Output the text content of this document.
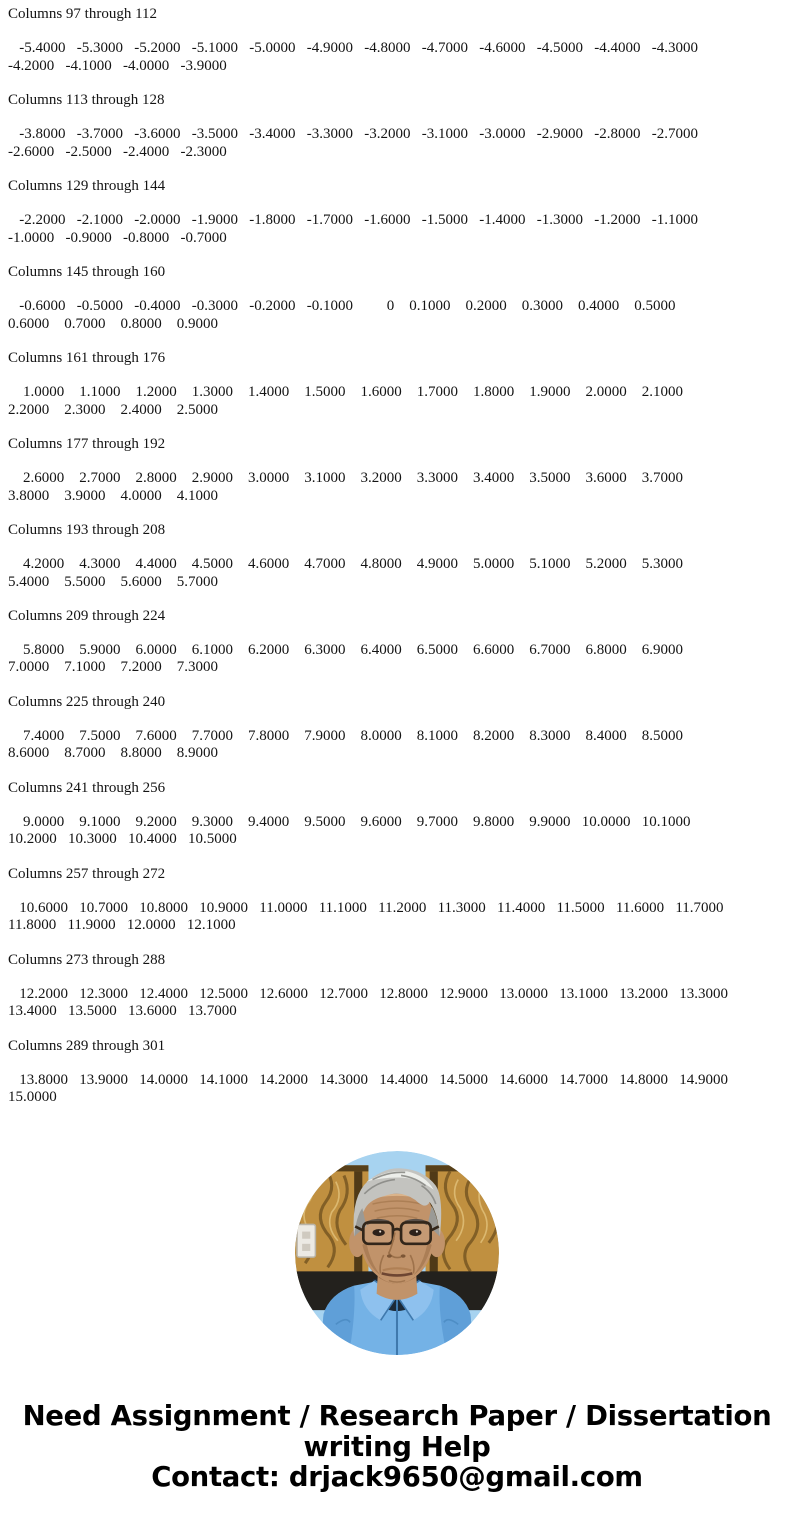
Columns 97 through 112
-5.4000   -5.3000   -5.2000   -5.1000   -5.0000   -4.9000   -4.8000   -4.7000   -4.6000   -4.5000   -4.4000   -4.3000
-4.2000   -4.1000   -4.0000   -3.9000
Columns 113 through 128
-3.8000   -3.7000   -3.6000   -3.5000   -3.4000   -3.3000   -3.2000   -3.1000   -3.0000   -2.9000   -2.8000   -2.7000
-2.6000   -2.5000   -2.4000   -2.3000
Columns 129 through 144
-2.2000   -2.1000   -2.0000   -1.9000   -1.8000   -1.7000   -1.6000   -1.5000   -1.4000   -1.3000   -1.2000   -1.1000
-1.0000   -0.9000   -0.8000   -0.7000
Columns 145 through 160
-0.6000   -0.5000   -0.4000   -0.3000   -0.2000   -0.1000         0    0.1000    0.2000    0.3000    0.4000    0.5000
0.6000    0.7000    0.8000    0.9000
Columns 161 through 176
1.0000    1.1000    1.2000    1.3000    1.4000    1.5000    1.6000    1.7000    1.8000    1.9000    2.0000    2.1000
2.2000    2.3000    2.4000    2.5000
Columns 177 through 192
2.6000    2.7000    2.8000    2.9000    3.0000    3.1000    3.2000    3.3000    3.4000    3.5000    3.6000    3.7000
3.8000    3.9000    4.0000    4.1000
Columns 193 through 208
4.2000    4.3000    4.4000    4.5000    4.6000    4.7000    4.8000    4.9000    5.0000    5.1000    5.2000    5.3000
5.4000    5.5000    5.6000    5.7000
Columns 209 through 224
5.8000    5.9000    6.0000    6.1000    6.2000    6.3000    6.4000    6.5000    6.6000    6.7000    6.8000    6.9000
7.0000    7.1000    7.2000    7.3000
Columns 225 through 240
7.4000    7.5000    7.6000    7.7000    7.8000    7.9000    8.0000    8.1000    8.2000    8.3000    8.4000    8.5000
8.6000    8.7000    8.8000    8.9000
Columns 241 through 256
9.0000    9.1000    9.2000    9.3000    9.4000    9.5000    9.6000    9.7000    9.8000    9.9000   10.0000   10.1000
10.2000   10.3000   10.4000   10.5000
Columns 257 through 272
10.6000   10.7000   10.8000   10.9000   11.0000   11.1000   11.2000   11.3000   11.4000   11.5000   11.6000   11.7000
11.8000   11.9000   12.0000   12.1000
Columns 273 through 288
12.2000   12.3000   12.4000   12.5000   12.6000   12.7000   12.8000   12.9000   13.0000   13.1000   13.2000   13.3000
13.4000   13.5000   13.6000   13.7000
Columns 289 through 301
13.8000   13.9000   14.0000   14.1000   14.2000   14.3000   14.4000   14.5000   14.6000   14.7000   14.8000   14.9000
15.0000
Need Assignment / Research Paper / Dissertation
writing Help
Contact: drjack9650@gmail.com
